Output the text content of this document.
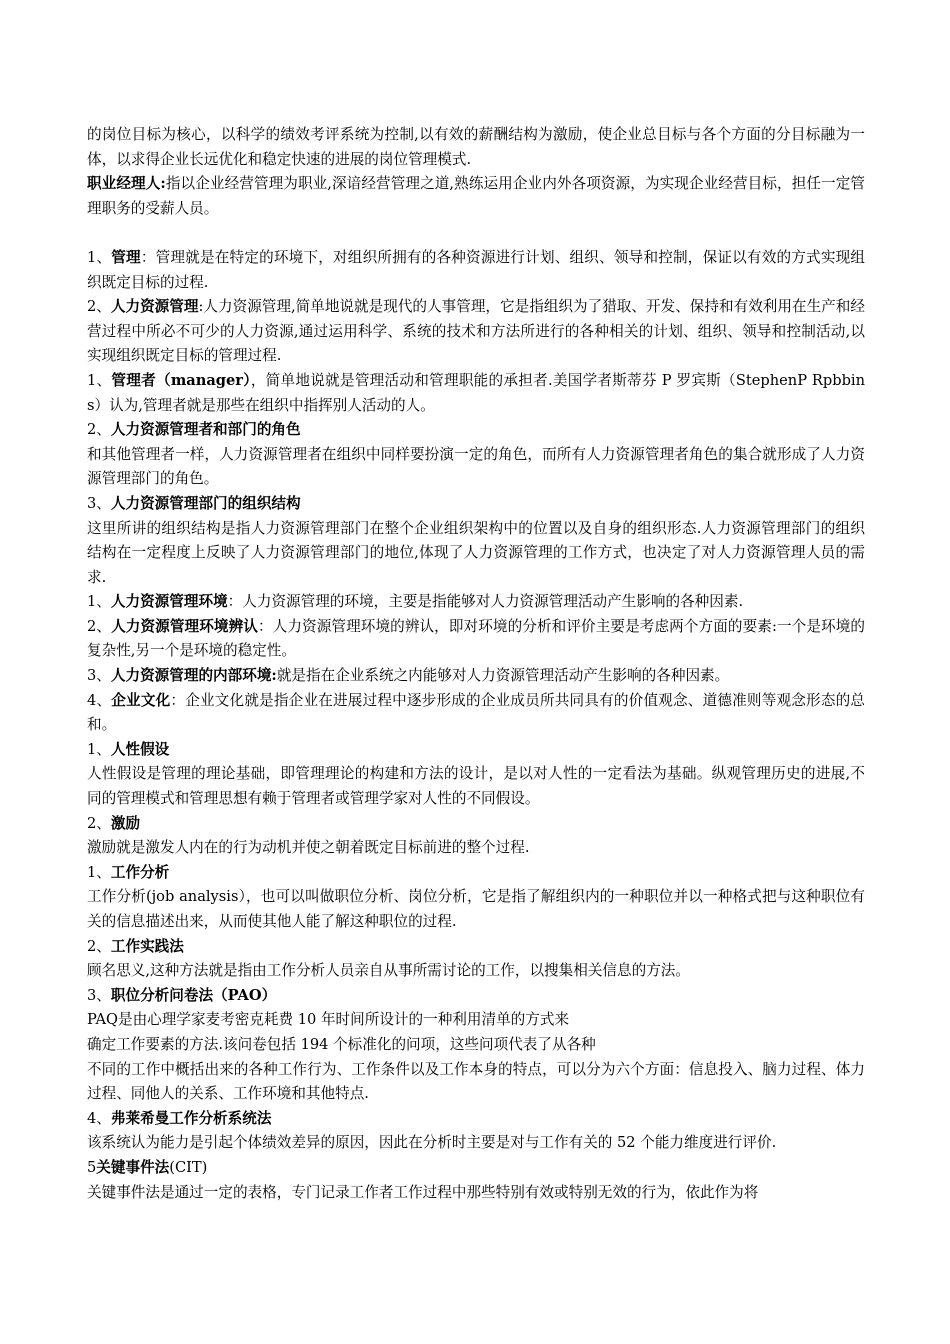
的岗位目标为核心，以科学的绩效考评系统为控制,以有效的薪酬结构为激励，使企业总目标与各个方面的分目标融为一体，以求得企业长远优化和稳定快速的进展的岗位管理模式.

职业经理人:指以企业经营管理为职业,深谙经营管理之道,熟练运用企业内外各项资源，为实现企业经营目标，担任一定管理职务的受薪人员。

1、管理：管理就是在特定的环境下，对组织所拥有的各种资源进行计划、组织、领导和控制，保证以有效的方式实现组织既定目标的过程.

2、人力资源管理:人力资源管理,简单地说就是现代的人事管理，它是指组织为了猎取、开发、保持和有效利用在生产和经营过程中所必不可少的人力资源,通过运用科学、系统的技术和方法所进行的各种相关的计划、组织、领导和控制活动,以实现组织既定目标的管理过程.

1、管理者（manager），简单地说就是管理活动和管理职能的承担者.美国学者斯蒂芬 P 罗宾斯（StephenP Rpbbins）认为,管理者就是那些在组织中指挥别人活动的人。

2、人力资源管理者和部门的角色

和其他管理者一样，人力资源管理者在组织中同样要扮演一定的角色，而所有人力资源管理者角色的集合就形成了人力资源管理部门的角色。

3、人力资源管理部门的组织结构

这里所讲的组织结构是指人力资源管理部门在整个企业组织架构中的位置以及自身的组织形态.人力资源管理部门的组织结构在一定程度上反映了人力资源管理部门的地位,体现了人力资源管理的工作方式，也决定了对人力资源管理人员的需求.

1、人力资源管理环境：人力资源管理的环境，主要是指能够对人力资源管理活动产生影响的各种因素.

2、人力资源管理环境辨认：人力资源管理环境的辨认，即对环境的分析和评价主要是考虑两个方面的要素:一个是环境的复杂性,另一个是环境的稳定性。

3、人力资源管理的内部环境:就是指在企业系统之内能够对人力资源管理活动产生影响的各种因素。

4、企业文化：企业文化就是指企业在进展过程中逐步形成的企业成员所共同具有的价值观念、道德准则等观念形态的总和。

1、人性假设

人性假设是管理的理论基础，即管理理论的构建和方法的设计，是以对人性的一定看法为基础。纵观管理历史的进展,不同的管理模式和管理思想有赖于管理者或管理学家对人性的不同假设。

2、激励

激励就是激发人内在的行为动机并使之朝着既定目标前进的整个过程.

1、工作分析

工作分析(job analysis），也可以叫做职位分析、岗位分析，它是指了解组织内的一种职位并以一种格式把与这种职位有关的信息描述出来，从而使其他人能了解这种职位的过程.

2、工作实践法

顾名思义,这种方法就是指由工作分析人员亲自从事所需讨论的工作，以搜集相关信息的方法。

3、职位分析问卷法（PAO）

PAQ是由心理学家麦考密克耗费 10 年时间所设计的一种利用清单的方式来

确定工作要素的方法.该问卷包括 194 个标准化的问项，这些问项代表了从各种

不同的工作中概括出来的各种工作行为、工作条件以及工作本身的特点，可以分为六个方面：信息投入、脑力过程、体力过程、同他人的关系、工作环境和其他特点.

4、弗莱希曼工作分析系统法

该系统认为能力是引起个体绩效差异的原因，因此在分析时主要是对与工作有关的 52 个能力维度进行评价.

5关键事件法(CIT)

关键事件法是通过一定的表格，专门记录工作者工作过程中那些特别有效或特别无效的行为，依此作为将
